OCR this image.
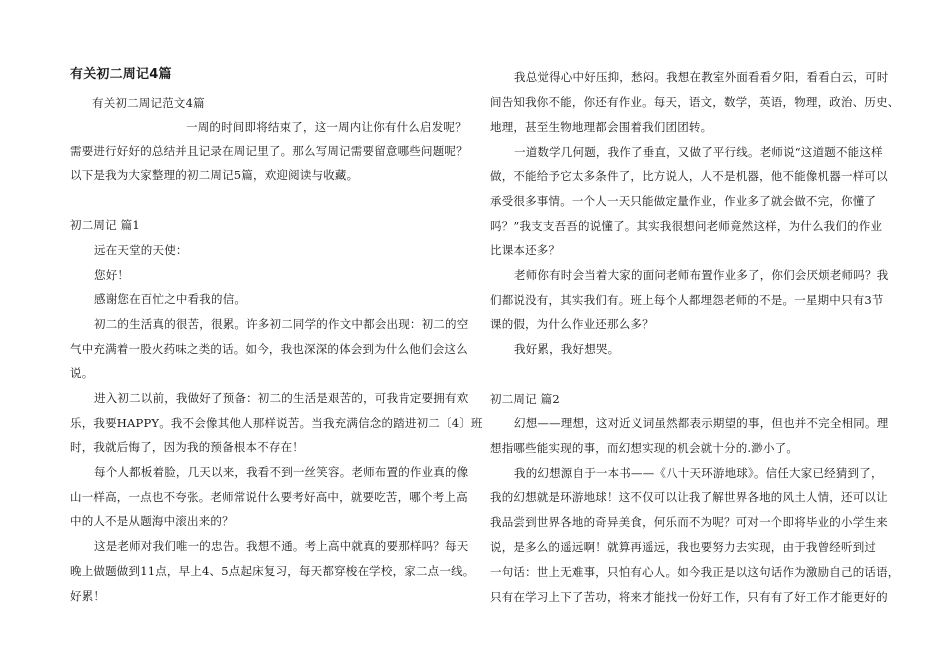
有关初二周记4篇
有关初二周记范文4篇
一周的时间即将结束了，这一周内让你有什么启发呢？
需要进行好好的总结并且记录在周记里了。那么写周记需要留意哪些问题呢？
以下是我为大家整理的初二周记5篇，欢迎阅读与收藏。
初二周记 篇1
远在天堂的天使：
您好！
感谢您在百忙之中看我的信。
初二的生活真的很苦，很累。许多初二同学的作文中都会出现：初二的空
气中充满着一股火药味之类的话。如今，我也深深的体会到为什么他们会这么
说。
进入初二以前，我做好了预备：初二的生活是艰苦的，可我肯定要拥有欢
乐，我要HAPPY。我不会像其他人那样说苦。当我充满信念的踏进初二〔4〕班
时，我就后悔了，因为我的预备根本不存在！
每个人都板着脸，几天以来，我看不到一丝笑容。老师布置的作业真的像
山一样高，一点也不夸张。老师常说什么要考好高中，就要吃苦，哪个考上高
中的人不是从题海中滚出来的？
这是老师对我们唯一的忠告。我想不通。考上高中就真的要那样吗？每天
晚上做题做到11点，早上4、5点起床复习，每天都穿梭在学校，家二点一线。
好累！
我总觉得心中好压抑，愁闷。我想在教室外面看看夕阳，看看白云，可时
间告知我你不能，你还有作业。每天，语文，数学，英语，物理，政治、历史、
地理，甚至生物地理都会围着我们团团转。
一道数学几何题，我作了垂直，又做了平行线。老师说“这道题不能这样
做，不能给予它太多条件了，比方说人，人不是机器，他不能像机器一样可以
承受很多事情。一个人一天只能做定量作业，作业多了就会做不完，你懂了
吗？”我支支吾吾的说懂了。其实我很想问老师竟然这样，为什么我们的作业
比课本还多？
老师你有时会当着大家的面问老师布置作业多了，你们会厌烦老师吗？我
们都说没有，其实我们有。班上每个人都埋怨老师的不是。一星期中只有3节
课的假，为什么作业还那么多？
我好累，我好想哭。
初二周记 篇2
幻想——理想，这对近义词虽然都表示期望的事，但也并不完全相同。理
想指哪些能实现的事，而幻想实现的机会就十分的.渺小了。
我的幻想源自于一本书——《八十天环游地球》。信任大家已经猜到了，
我的幻想就是环游地球！这不仅可以让我了解世界各地的风土人情，还可以让
我品尝到世界各地的奇异美食，何乐而不为呢？可对一个即将毕业的小学生来
说，是多么的遥远啊！就算再遥远，我也要努力去实现，由于我曾经听到过
一句话：世上无难事，只怕有心人。如今我正是以这句话作为激励自己的话语，
只有在学习上下了苦功，将来才能找一份好工作，只有有了好工作才能更好的
